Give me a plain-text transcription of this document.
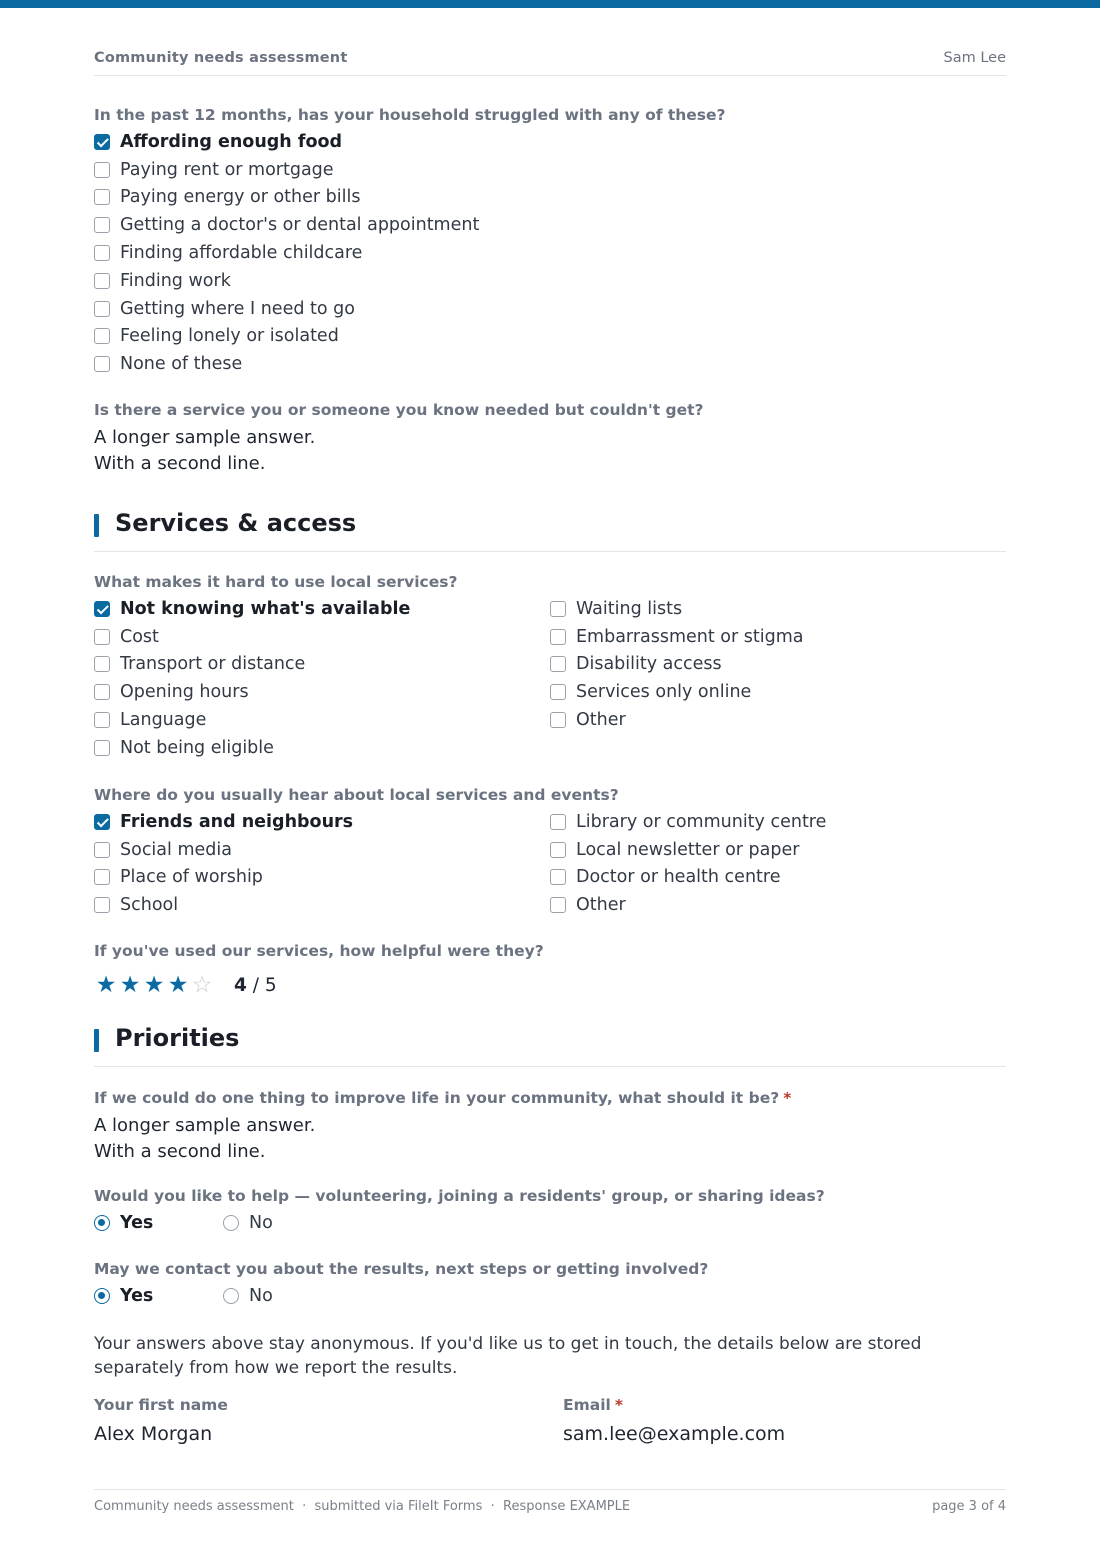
Community needs assessment	Sam Lee
In the past 12 months, has your household struggled with any of these?
Affording enough food
Paying rent or mortgage
Paying energy or other bills
Getting a doctor's or dental appointment
Finding affordable childcare
Finding work
Getting where I need to go
Feeling lonely or isolated
None of these
Is there a service you or someone you know needed but couldn't get?
A longer sample answer.
With a second line.
Services & access
What makes it hard to use local services?
Not knowing what's available
Cost
Transport or distance
Opening hours
Language
Not being eligible
Waiting lists
Embarrassment or stigma
Disability access
Services only online
Other
Where do you usually hear about local services and events?
Friends and neighbours
Social media
Place of worship
School
Library or community centre
Local newsletter or paper
Doctor or health centre
Other
If you've used our services, how helpful were they?
★ ★ ★ ★ ☆ 4 / 5
Priorities
If we could do one thing to improve life in your community, what should it be? *
A longer sample answer.
With a second line.
Would you like to help — volunteering, joining a residents' group, or sharing ideas?
Yes	No
May we contact you about the results, next steps or getting involved?
Yes	No
Your answers above stay anonymous. If you'd like us to get in touch, the details below are stored separately from how we report the results.
Your first name
Alex Morgan
Email *
sam.lee@example.com
Community needs assessment  ·  submitted via FileIt Forms  ·  Response EXAMPLE	page 3 of 4
